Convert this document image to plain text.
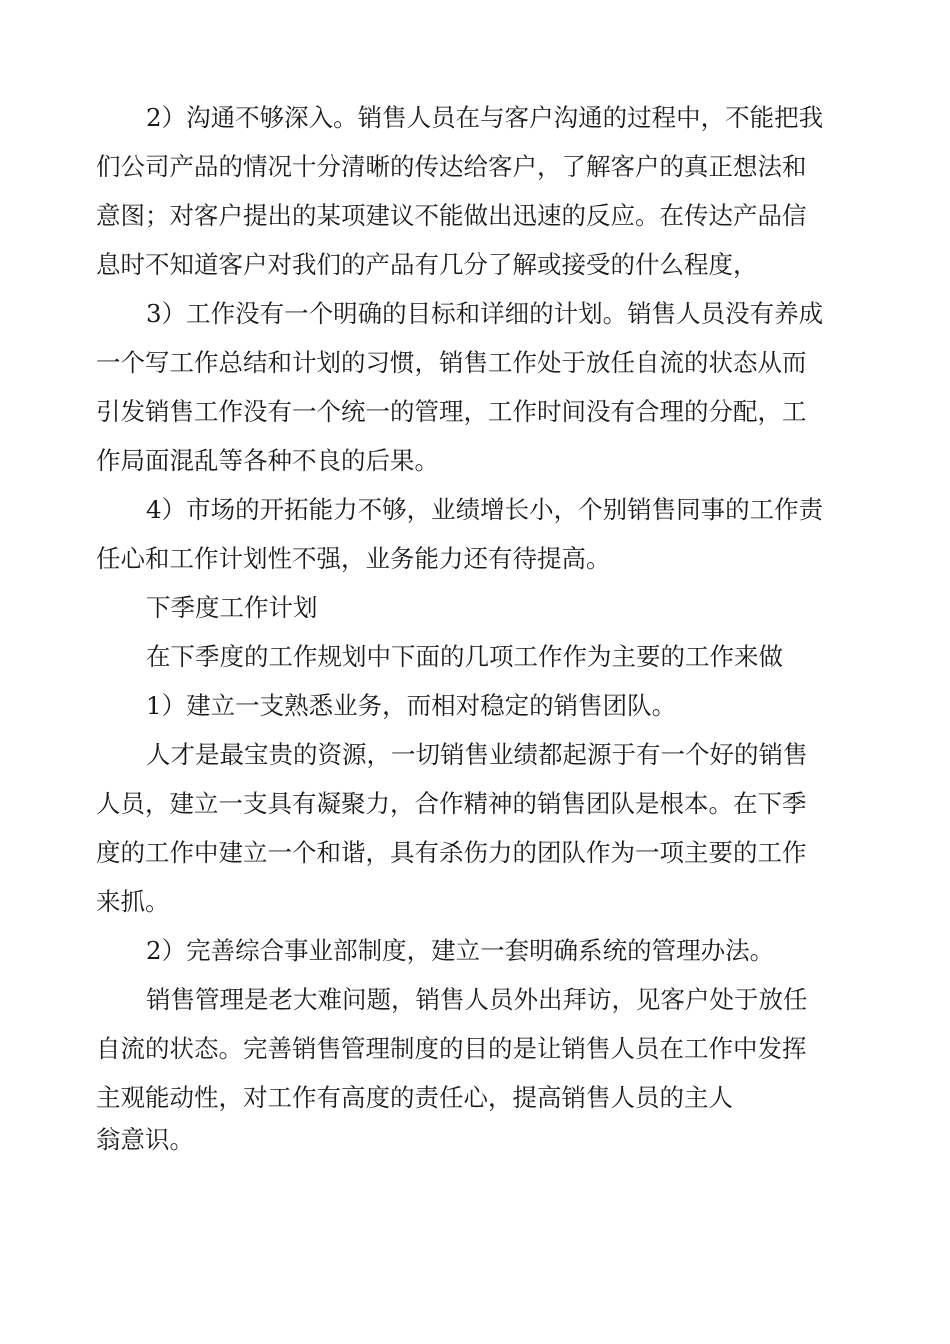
2）沟通不够深入。销售人员在与客户沟通的过程中，不能把我
们公司产品的情况十分清晰的传达给客户，了解客户的真正想法和
意图；对客户提出的某项建议不能做出迅速的反应。在传达产品信
息时不知道客户对我们的产品有几分了解或接受的什么程度，
3）工作没有一个明确的目标和详细的计划。销售人员没有养成
一个写工作总结和计划的习惯，销售工作处于放任自流的状态从而
引发销售工作没有一个统一的管理，工作时间没有合理的分配，工
作局面混乱等各种不良的后果。
4）市场的开拓能力不够，业绩增长小，个别销售同事的工作责
任心和工作计划性不强，业务能力还有待提高。
下季度工作计划
在下季度的工作规划中下面的几项工作作为主要的工作来做
1）建立一支熟悉业务，而相对稳定的销售团队。
人才是最宝贵的资源，一切销售业绩都起源于有一个好的销售
人员，建立一支具有凝聚力，合作精神的销售团队是根本。在下季
度的工作中建立一个和谐，具有杀伤力的团队作为一项主要的工作
来抓。
2）完善综合事业部制度，建立一套明确系统的管理办法。
销售管理是老大难问题，销售人员外出拜访，见客户处于放任
自流的状态。完善销售管理制度的目的是让销售人员在工作中发挥
主观能动性，对工作有高度的责任心，提高销售人员的主人
翁意识。
